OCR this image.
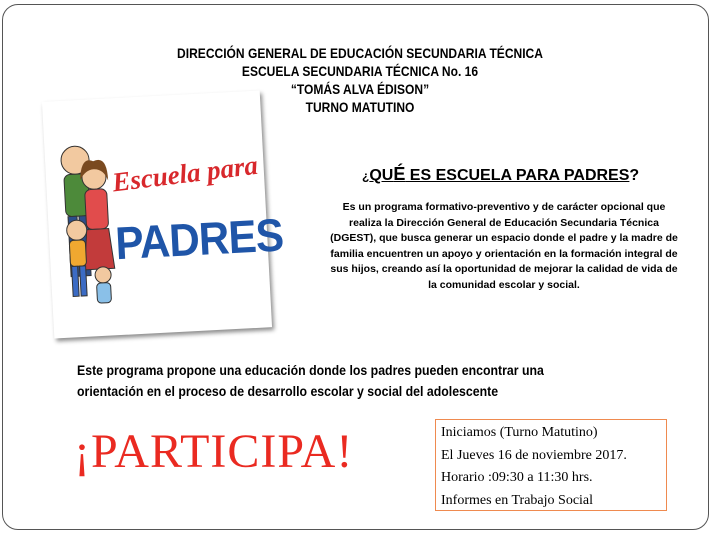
DIRECCIÓN GENERAL DE EDUCACIÓN SECUNDARIA TÉCNICA
ESCUELA SECUNDARIA TÉCNICA No. 16
“TOMÁS ALVA ÉDISON”
TURNO MATUTINO
Escuela para
PADRES
¿QUÉ ES ESCUELA PARA PADRES?
Es un programa formativo-preventivo y de carácter opcional que realiza la Dirección General de Educación Secundaria Técnica (DGEST), que busca generar un espacio donde el padre y la madre de familia encuentren un apoyo y orientación en la formación integral de sus hijos, creando así la oportunidad de mejorar la calidad de vida de la comunidad escolar y social.
Este programa propone una educación donde los padres pueden encontrar una orientación en el proceso de desarrollo escolar y social del adolescente
¡PARTICIPA!	Iniciamos (Turno Matutino)
El Jueves 16 de noviembre 2017.
Horario :09:30 a 11:30 hrs.
Informes en Trabajo Social
